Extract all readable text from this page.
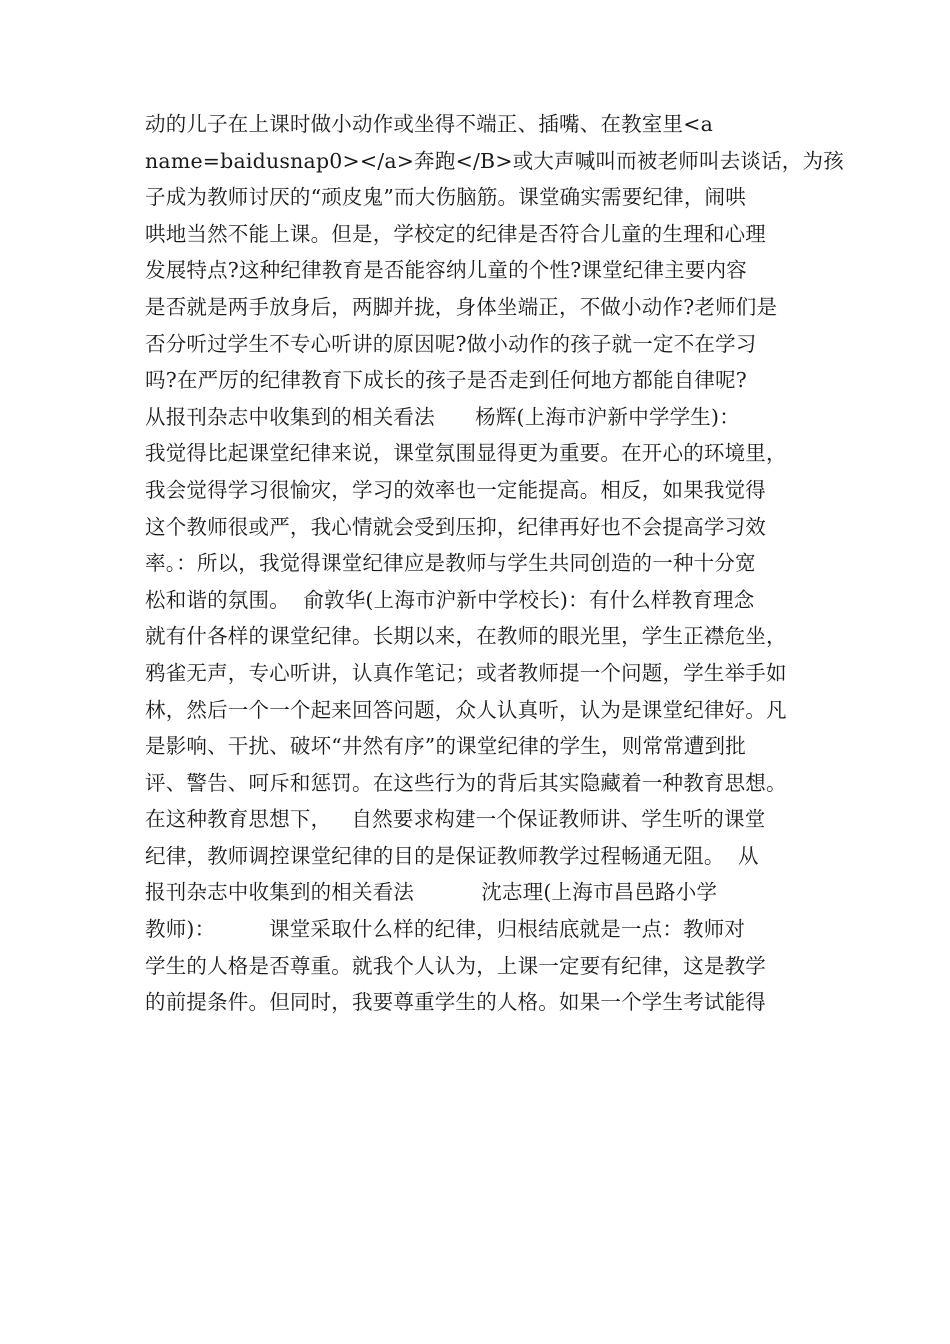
动的儿子在上课时做小动作或坐得不端正、插嘴、在教室里<a
name=baidusnap0></a>奔跑</B>或大声喊叫而被老师叫去谈话，为孩
子成为教师讨厌的“顽皮鬼”而大伤脑筋。课堂确实需要纪律，闹哄
哄地当然不能上课。但是，学校定的纪律是否符合儿童的生理和心理
发展特点?这种纪律教育是否能容纳儿童的个性?课堂纪律主要内容
是否就是两手放身后，两脚并拢，身体坐端正，不做小动作?老师们是
否分听过学生不专心听讲的原因呢?做小动作的孩子就一定不在学习
吗?在严厉的纪律教育下成长的孩子是否走到任何地方都能自律呢?
从报刊杂志中收集到的相关看法      杨辉(上海市沪新中学学生)：
我觉得比起课堂纪律来说，课堂氛围显得更为重要。在开心的环境里，
我会觉得学习很愉灾，学习的效率也一定能提高。相反，如果我觉得
这个教师很或严，我心情就会受到压抑，纪律再好也不会提高学习效
率。：所以，我觉得课堂纪律应是教师与学生共同创造的一种十分宽
松和谐的氛围。  俞敦华(上海市沪新中学校长)：有什么样教育理念
就有什各样的课堂纪律。长期以来，在教师的眼光里，学生正襟危坐，
鸦雀无声，专心听讲，认真作笔记；或者教师提一个问题，学生举手如
林，然后一个一个起来回答问题，众人认真听，认为是课堂纪律好。凡
是影响、干扰、破坏“井然有序”的课堂纪律的学生，则常常遭到批
评、警告、呵斥和惩罚。在这些行为的背后其实隐藏着一种教育思想。
在这种教育思想下，   自然要求构建一个保证教师讲、学生听的课堂
纪律，教师调控课堂纪律的目的是保证教师教学过程畅通无阻。  从
报刊杂志中收集到的相关看法          沈志理(上海市昌邑路小学
教师)：        课堂采取什么样的纪律，归根结底就是一点：教师对
学生的人格是否尊重。就我个人认为，上课一定要有纪律，这是教学
的前提条件。但同时，我要尊重学生的人格。如果一个学生考试能得
